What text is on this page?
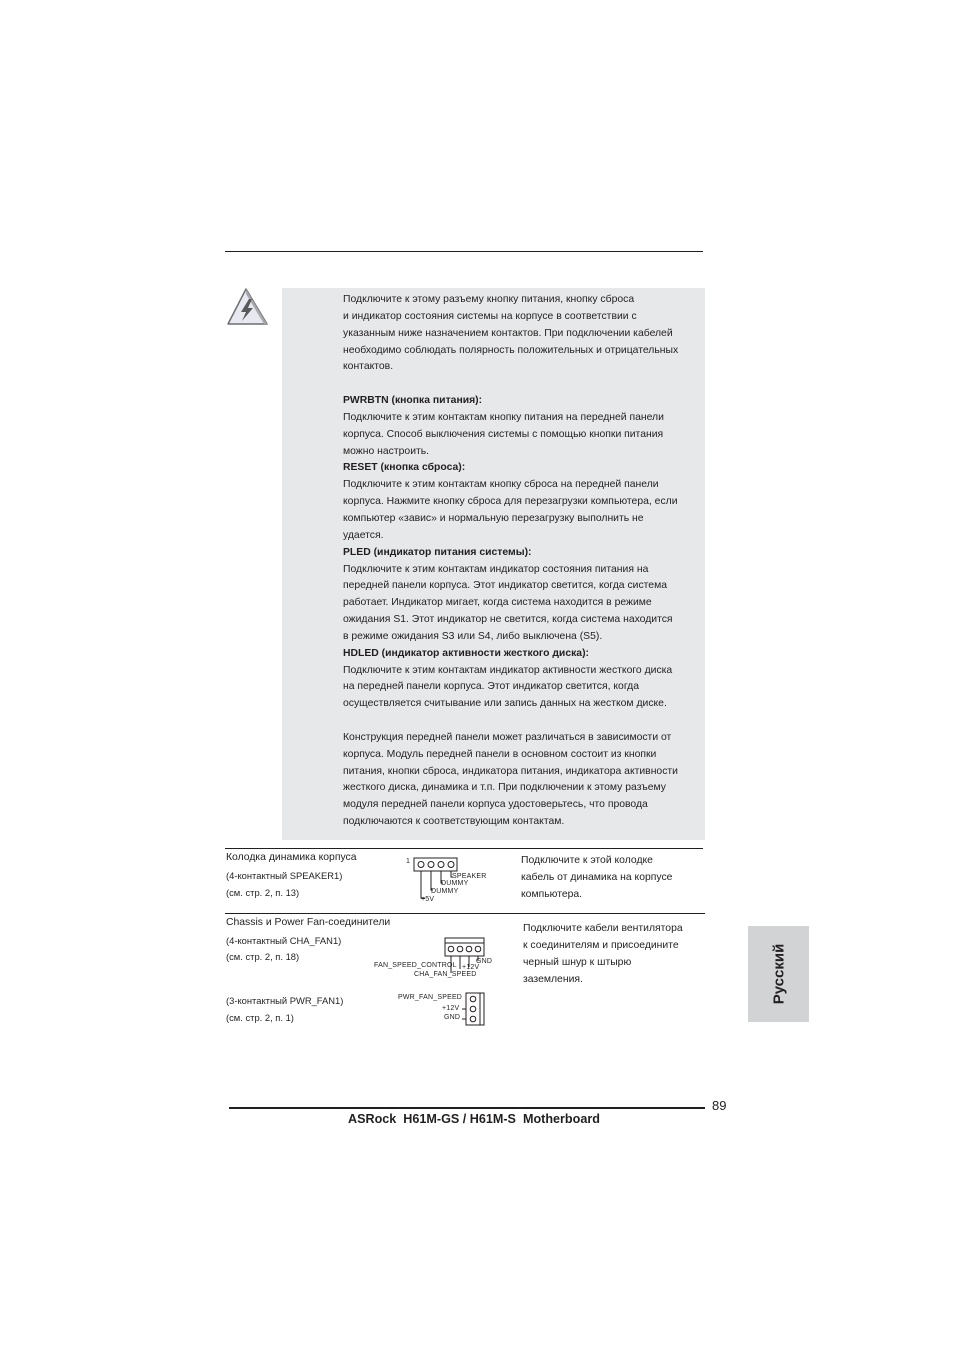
Подключите к этому разъему кнопку питания, кнопку сброса

и индикатор состояния системы на корпусе в соответствии с

указанным ниже назначением контактов. При подключении кабелей

необходимо соблюдать полярность положительных и отрицательных

контактов.

PWRBTN (кнопка питания):

Подключите к этим контактам кнопку питания на передней панели

корпуса. Способ выключения системы с помощью кнопки питания

можно настроить.

RESET (кнопка сброса):

Подключите к этим контактам кнопку сброса на передней панели

корпуса. Нажмите кнопку сброса для перезагрузки компьютера, если

компьютер «завис» и нормальную перезагрузку выполнить не

удается.

PLED (индикатор питания системы):

Подключите к этим контактам индикатор состояния питания на

передней панели корпуса. Этот индикатор светится, когда система

работает. Индикатор мигает, когда система находится в режиме

ожидания S1. Этот индикатор не светится, когда система находится

в режиме ожидания S3 или S4, либо выключена (S5).

HDLED (индикатор активности жесткого диска):

Подключите к этим контактам индикатор активности жесткого диска

на передней панели корпуса. Этот индикатор светится, когда

осуществляется считывание или запись данных на жестком диске.

Конструкция передней панели может различаться в зависимости от

корпуса. Модуль передней панели в основном состоит из кнопки

питания, кнопки сброса, индикатора питания, индикатора активности

жесткого диска, динамика и т.п. При подключении к этому разъему

модуля передней панели корпуса удостоверьтесь, что провода

подключаются к соответствующим контактам.

Колодка динамика корпуса
(4-контактный SPEAKER1)
(см. стр. 2, п. 13)
1
SPEAKER
DUMMY
DUMMY
+5V
Подключите к этой колодке
кабель от динамика на корпусе
компьютера.
Chassis и Power Fan-соединители
(4-контактный CHA_FAN1)
(см. стр. 2, п. 18)	GND
+12V
FAN_SPEED_CONTROL
CHA_FAN_SPEED
Подключите кабели вентилятора
к соединителям и присоедините
черный шнур к штырю
заземления.
(3-контактный PWR_FAN1)
(см. стр. 2, п. 1)
PWR_FAN_SPEED
+12V
GND
Русский
89
ASRock  H61M-GS / H61M-S  Motherboard
